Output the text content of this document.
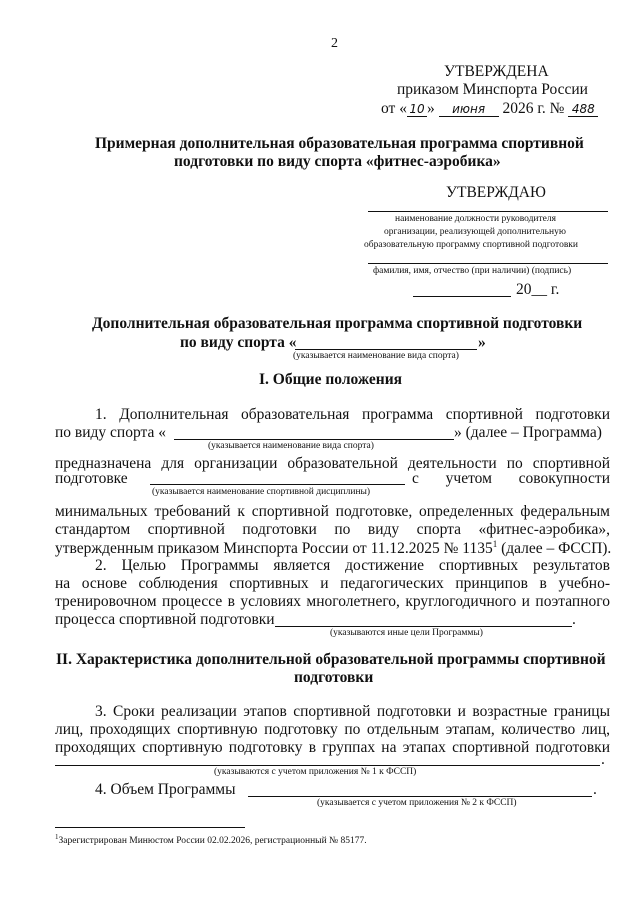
2
УТВЕРЖДЕНА
приказом Минспорта России
от « 10 » июня 2026 г. № 488
Примерная дополнительная образовательная программа спортивной
подготовки по виду спорта «фитнес-аэробика»
УТВЕРЖДАЮ
наименование должности руководителя
организации, реализующей дополнительную
образовательную программу спортивной подготовки
фамилия, имя, отчество (при наличии) (подпись)
20__ г.
Дополнительная образовательная программа спортивной подготовки
по виду спорта «	»
(указывается наименование вида спорта)
I. Общие положения
1. Дополнительная образовательная программа спортивной подготовки
по виду спорта «	» (далее – Программа)
(указывается наименование вида спорта)
предназначена для организации образовательной деятельности по спортивной
подготовке	с учетом совокупности
(указывается наименование спортивной дисциплины)
минимальных требований к спортивной подготовке, определенных федеральным
стандартом спортивной подготовки по виду спорта «фитнес-аэробика»,
утвержденным приказом Минспорта России от 11.12.2025 № 1135$^1$ (далее – ФССП).
2. Целью Программы является достижение спортивных результатов
на основе соблюдения спортивных и педагогических принципов в учебно-
тренировочном процессе в условиях многолетнего, круглогодичного и поэтапного
процесса спортивной подготовки	.
(указываются иные цели Программы)
II. Характеристика дополнительной образовательной программы спортивной
подготовки
3. Сроки реализации этапов спортивной подготовки и возрастные границы
лиц, проходящих спортивную подготовку по отдельным этапам, количество лиц,
проходящих спортивную подготовку в группах на этапах спортивной подготовки
.
(указываются с учетом приложения № 1 к ФССП)
4. Объем Программы	.
(указывается с учетом приложения № 2 к ФССП)
$^1$Зарегистрирован Минюстом России 02.02.2026, регистрационный № 85177.
